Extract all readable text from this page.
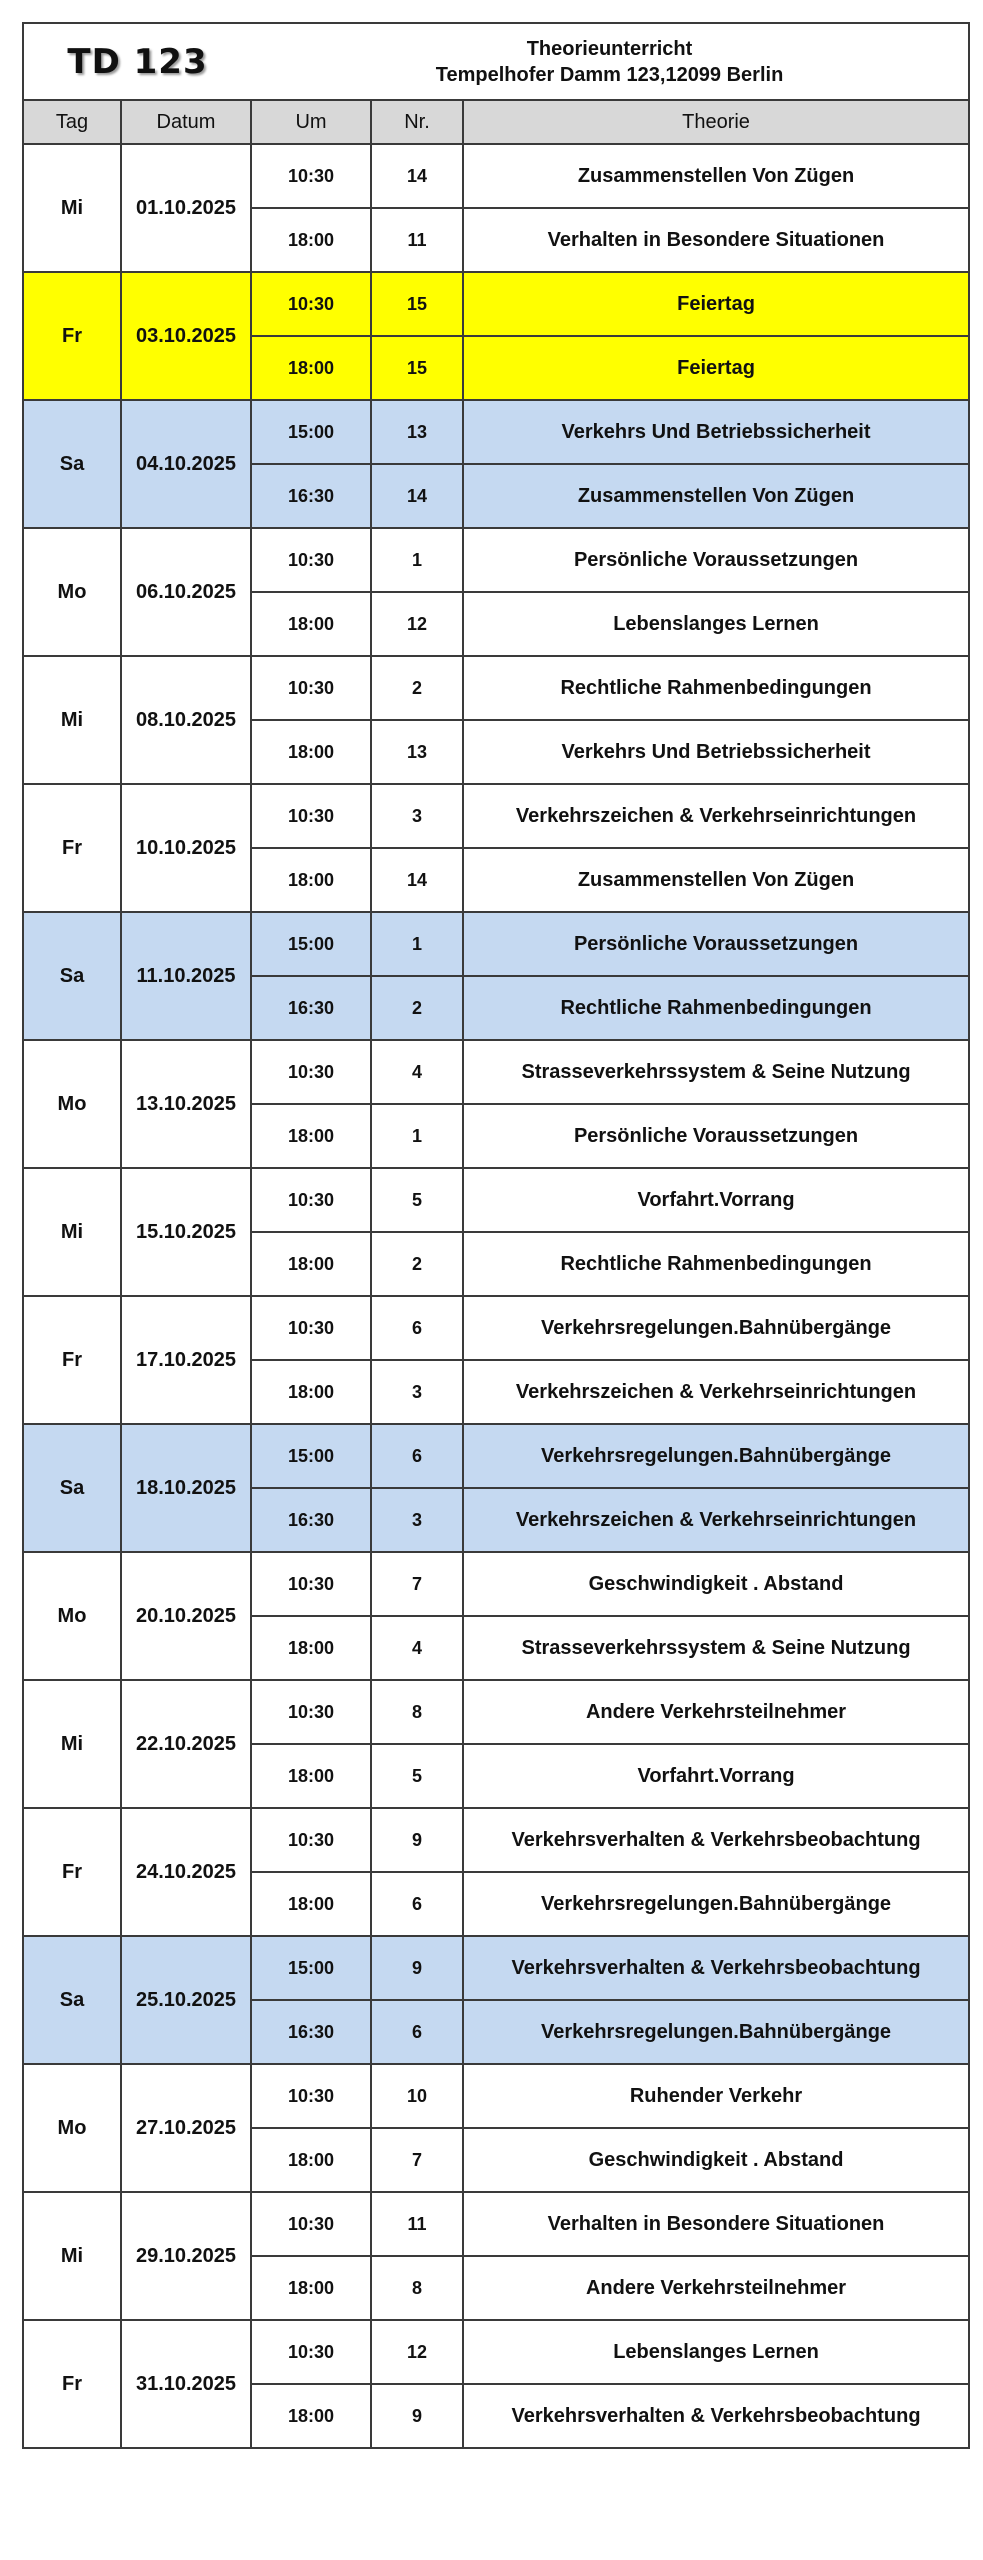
TD 123		Theorieunterricht
Tempelhofer Damm 123,12099 Berlin		

Tag	Datum	Um	Nr.	Theorie
Mi	01.10.2025	10:30	14	Zusammenstellen Von Zügen
		18:00	11	Verhalten in Besondere Situationen
Fr	03.10.2025	10:30	15	Feiertag
		18:00	15	Feiertag
Sa	04.10.2025	15:00	13	Verkehrs Und Betriebssicherheit
		16:30	14	Zusammenstellen Von Zügen
Mo	06.10.2025	10:30	1	Persönliche Voraussetzungen
		18:00	12	Lebenslanges Lernen
Mi	08.10.2025	10:30	2	Rechtliche Rahmenbedingungen
		18:00	13	Verkehrs Und Betriebssicherheit
Fr	10.10.2025	10:30	3	Verkehrszeichen & Verkehrseinrichtungen
		18:00	14	Zusammenstellen Von Zügen
Sa	11.10.2025	15:00	1	Persönliche Voraussetzungen
		16:30	2	Rechtliche Rahmenbedingungen
Mo	13.10.2025	10:30	4	Strasseverkehrssystem & Seine Nutzung
		18:00	1	Persönliche Voraussetzungen
Mi	15.10.2025	10:30	5	Vorfahrt.Vorrang
		18:00	2	Rechtliche Rahmenbedingungen
Fr	17.10.2025	10:30	6	Verkehrsregelungen.Bahnübergänge
		18:00	3	Verkehrszeichen & Verkehrseinrichtungen
Sa	18.10.2025	15:00	6	Verkehrsregelungen.Bahnübergänge
		16:30	3	Verkehrszeichen & Verkehrseinrichtungen
Mo	20.10.2025	10:30	7	Geschwindigkeit . Abstand
		18:00	4	Strasseverkehrssystem & Seine Nutzung
Mi	22.10.2025	10:30	8	Andere Verkehrsteilnehmer
		18:00	5	Vorfahrt.Vorrang
Fr	24.10.2025	10:30	9	Verkehrsverhalten & Verkehrsbeobachtung
		18:00	6	Verkehrsregelungen.Bahnübergänge
Sa	25.10.2025	15:00	9	Verkehrsverhalten & Verkehrsbeobachtung
		16:30	6	Verkehrsregelungen.Bahnübergänge
Mo	27.10.2025	10:30	10	Ruhender Verkehr
		18:00	7	Geschwindigkeit . Abstand
Mi	29.10.2025	10:30	11	Verhalten in Besondere Situationen
		18:00	8	Andere Verkehrsteilnehmer
Fr	31.10.2025	10:30	12	Lebenslanges Lernen
		18:00	9	Verkehrsverhalten & Verkehrsbeobachtung
